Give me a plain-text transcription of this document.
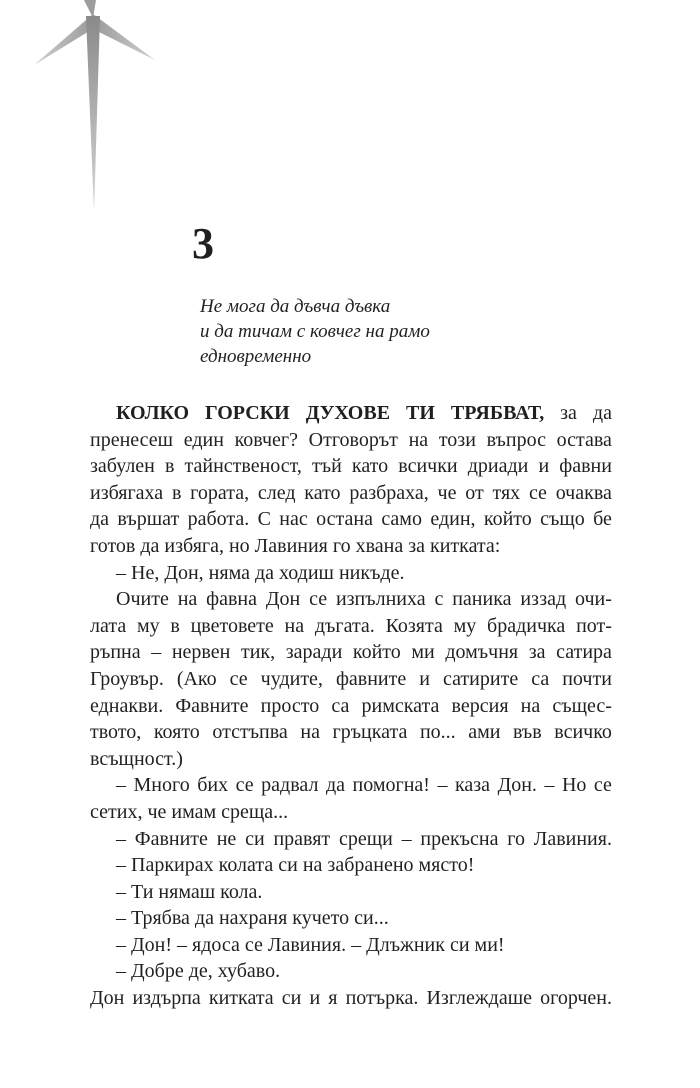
3
Не мога да дъвча дъвка
и да тичам с ковчег на рамо
едновременно
КОЛКО ГОРСКИ ДУХОВЕ ТИ ТРЯБВАТ, за да
пренесеш един ковчег? Отговорът на този въпрос остава
забулен в тайнственост, тъй като всички дриади и фавни
избягаха в гората, след като разбраха, че от тях се очаква
да вършат работа. С нас остана само един, който също бе
готов да избяга, но Лавиния го хвана за китката:
– Не, Дон, няма да ходиш никъде.
Очите на фавна Дон се изпълниха с паника иззад очи-
лата му в цветовете на дъгата. Козята му брадичка пот-
ръпна – нервен тик, заради който ми домъчня за сатира
Гроувър. (Ако се чудите, фавните и сатирите са почти
еднакви. Фавните просто са римската версия на същес-
твото, която отстъпва на гръцката по... ами във всичко
всъщност.)
– Много бих се радвал да помогна! – каза Дон. – Но се
сетих, че имам среща...
– Фавните не си правят срещи – прекъсна го Лавиния.
– Паркирах колата си на забранено място!
– Ти нямаш кола.
– Трябва да нахраня кучето си...
– Дон! – ядоса се Лавиния. – Длъжник си ми!
– Добре де, хубаво.
Дон издърпа китката си и я потърка. Изглеждаше огорчен.
